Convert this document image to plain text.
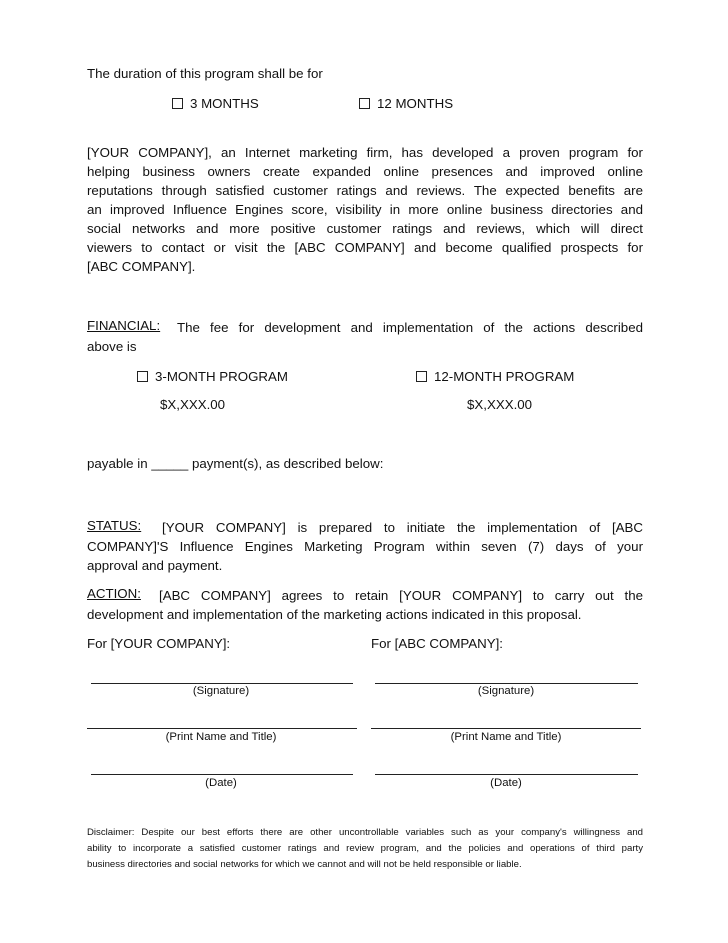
The duration of this program shall be for
3 MONTHS	12 MONTHS
[YOUR COMPANY], an Internet marketing firm, has developed a proven program for
helping business owners create expanded online presences and improved online
reputations through satisfied customer ratings and reviews. The expected benefits are
an improved Influence Engines score, visibility in more online business directories and
social networks and more positive customer ratings and reviews, which will direct
viewers to contact or visit the [ABC COMPANY] and become qualified prospects for
[ABC COMPANY].
FINANCIAL: The fee for development and implementation of the actions described
above is
3-MONTH PROGRAM	12-MONTH PROGRAM
$X,XXX.00	$X,XXX.00
payable in _____ payment(s), as described below:
STATUS: [YOUR COMPANY] is prepared to initiate the implementation of [ABC
COMPANY]'S Influence Engines Marketing Program within seven (7) days of your
approval and payment.
ACTION: [ABC COMPANY] agrees to retain [YOUR COMPANY] to carry out the
development and implementation of the marketing actions indicated in this proposal.
For [YOUR COMPANY]:	For [ABC COMPANY]:
(Signature)	(Signature)
(Print Name and Title)	(Print Name and Title)
(Date)	(Date)
Disclaimer: Despite our best efforts there are other uncontrollable variables such as your company's willingness and
ability to incorporate a satisfied customer ratings and review program, and the policies and operations of third party
business directories and social networks for which we cannot and will not be held responsible or liable.
